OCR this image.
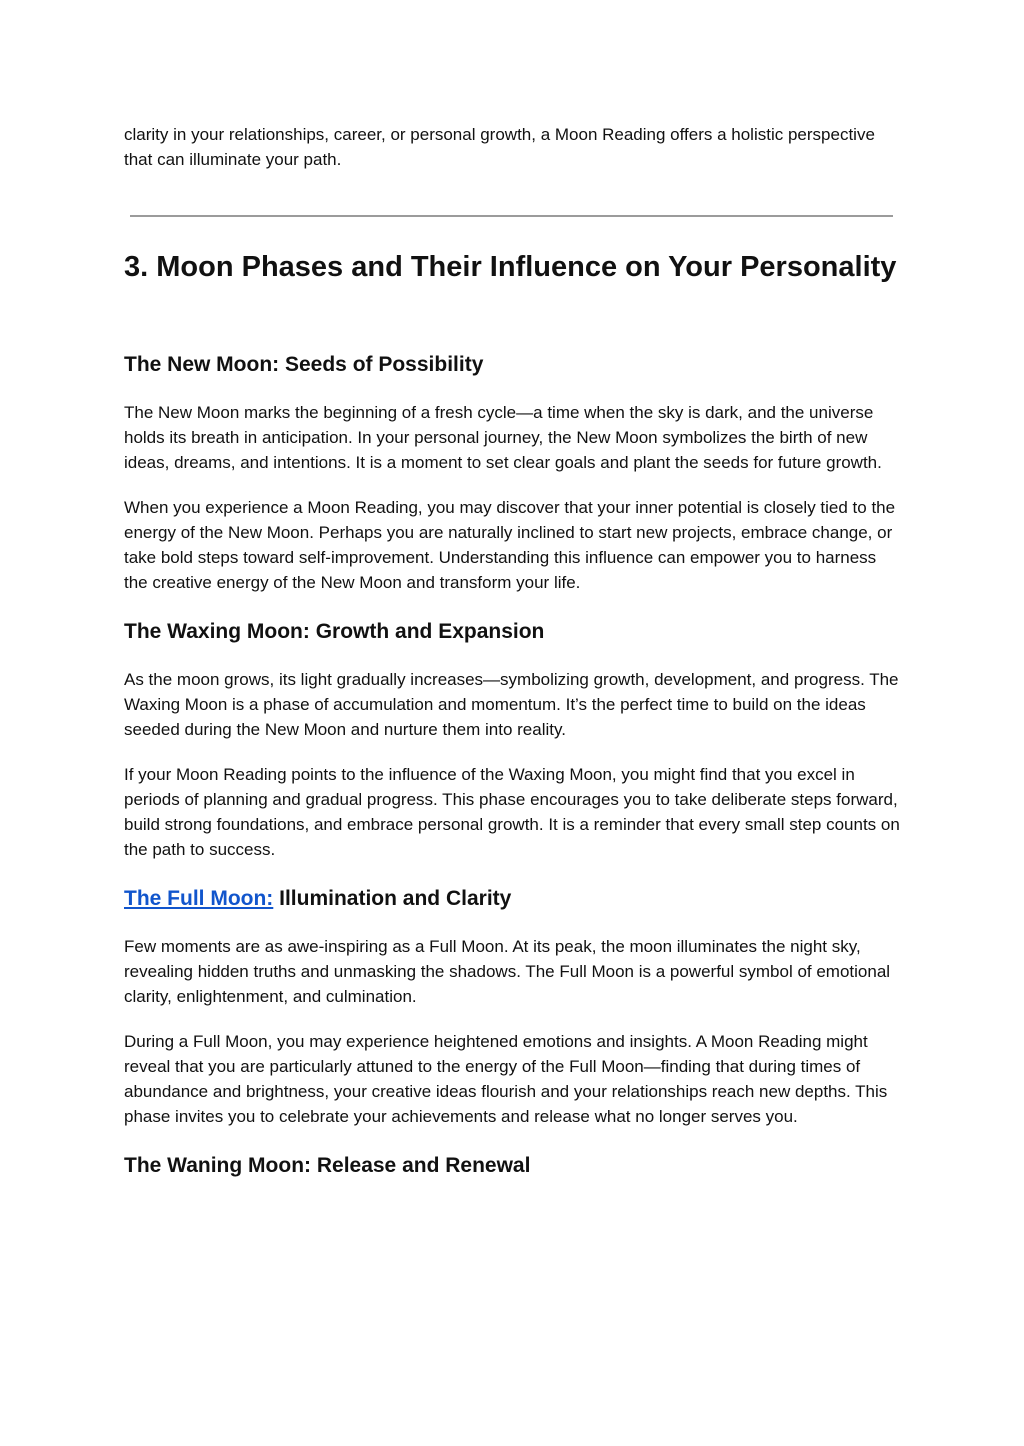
clarity in your relationships, career, or personal growth, a Moon Reading offers a holistic perspective that can illuminate your path.

3. Moon Phases and Their Influence on Your Personality
The New Moon: Seeds of Possibility

The New Moon marks the beginning of a fresh cycle—a time when the sky is dark, and the universe holds its breath in anticipation. In your personal journey, the New Moon symbolizes the birth of new ideas, dreams, and intentions. It is a moment to set clear goals and plant the seeds for future growth.

When you experience a Moon Reading, you may discover that your inner potential is closely tied to the energy of the New Moon. Perhaps you are naturally inclined to start new projects, embrace change, or take bold steps toward self-improvement. Understanding this influence can empower you to harness the creative energy of the New Moon and transform your life.

The Waxing Moon: Growth and Expansion

As the moon grows, its light gradually increases—symbolizing growth, development, and progress. The Waxing Moon is a phase of accumulation and momentum. It’s the perfect time to build on the ideas seeded during the New Moon and nurture them into reality.

If your Moon Reading points to the influence of the Waxing Moon, you might find that you excel in periods of planning and gradual progress. This phase encourages you to take deliberate steps forward, build strong foundations, and embrace personal growth. It is a reminder that every small step counts on the path to success.

The Full Moon: Illumination and Clarity

Few moments are as awe‑inspiring as a Full Moon. At its peak, the moon illuminates the night sky, revealing hidden truths and unmasking the shadows. The Full Moon is a powerful symbol of emotional clarity, enlightenment, and culmination.

During a Full Moon, you may experience heightened emotions and insights. A Moon Reading might reveal that you are particularly attuned to the energy of the Full Moon—finding that during times of abundance and brightness, your creative ideas flourish and your relationships reach new depths. This phase invites you to celebrate your achievements and release what no longer serves you.

The Waning Moon: Release and Renewal
